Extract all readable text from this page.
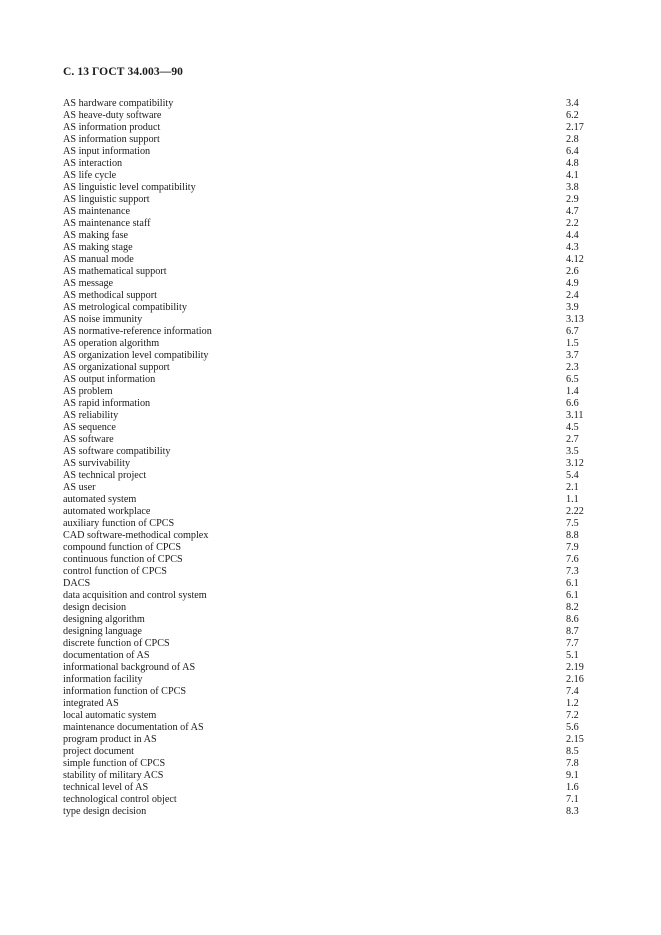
С. 13 ГОСТ 34.003—90
AS hardware compatibility	3.4
AS heave-duty software	6.2
AS information product	2.17
AS information support	2.8
AS input information	6.4
AS interaction	4.8
AS life cycle	4.1
AS linguistic level compatibility	3.8
AS linguistic support	2.9
AS maintenance	4.7
AS maintenance staff	2.2
AS making fase	4.4
AS making stage	4.3
AS manual mode	4.12
AS mathematical support	2.6
AS message	4.9
AS methodical support	2.4
AS metrological compatibility	3.9
AS noise immunity	3.13
AS normative-reference information	6.7
AS operation algorithm	1.5
AS organization level compatibility	3.7
AS organizational support	2.3
AS output information	6.5
AS problem	1.4
AS rapid information	6.6
AS reliability	3.11
AS sequence	4.5
AS software	2.7
AS software compatibility	3.5
AS survivability	3.12
AS technical project	5.4
AS user	2.1
automated system	1.1
automated workplace	2.22
auxiliary function of CPCS	7.5
CAD software-methodical complex	8.8
compound function of CPCS	7.9
continuous function of CPCS	7.6
control function of CPCS	7.3
DACS	6.1
data acquisition and control system	6.1
design decision	8.2
designing algorithm	8.6
designing language	8.7
discrete function of CPCS	7.7
documentation of AS	5.1
informational background of AS	2.19
information facility	2.16
information function of CPCS	7.4
integrated AS	1.2
local automatic system	7.2
maintenance documentation of AS	5.6
program product in AS	2.15
project document	8.5
simple function of CPCS	7.8
stability of military ACS	9.1
technical level of AS	1.6
technological control object	7.1
type design decision	8.3
